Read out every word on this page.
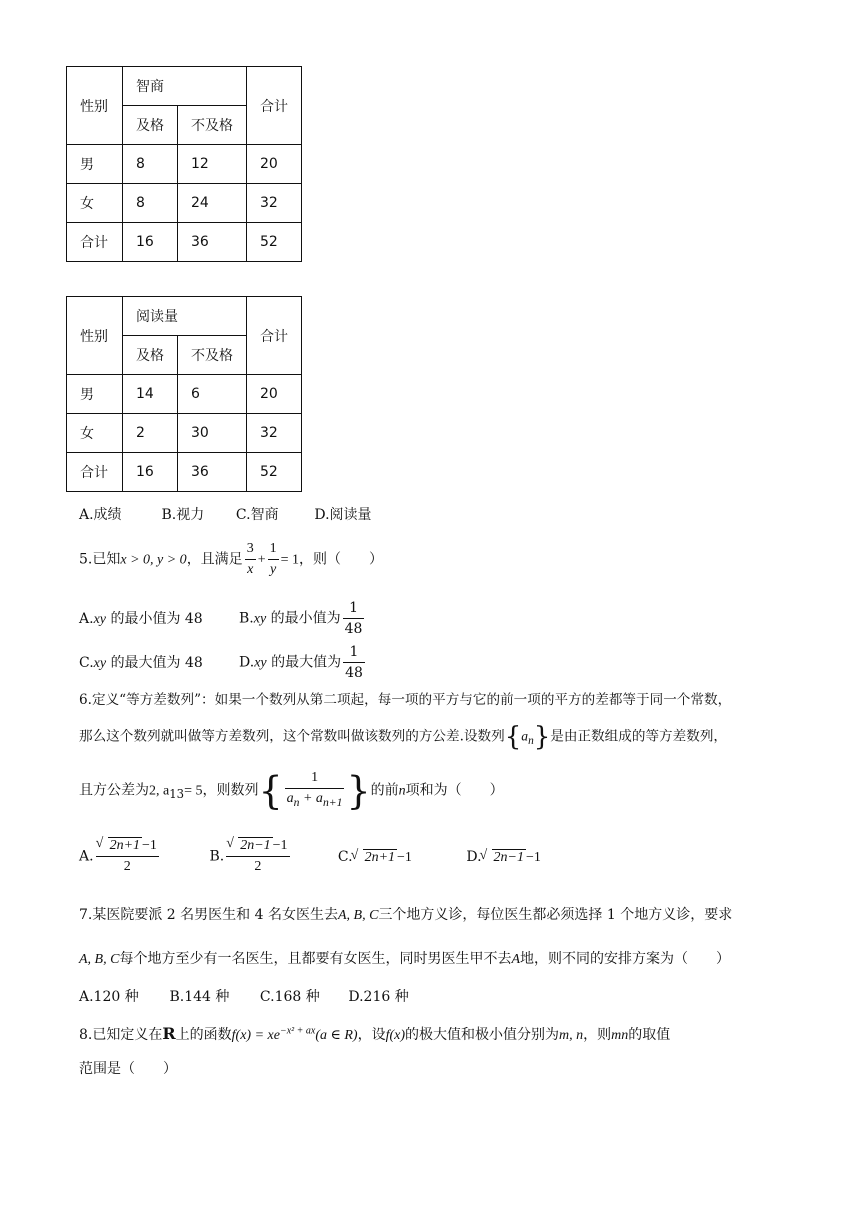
性别	智商		合计
	及格	不及格	
男	8	12	20
女	8	24	32
合计	16	36	52
性别	阅读量		合计
	及格	不及格	
男	14	6	20
女	2	30	32
合计	16	36	52
A.成绩	B.视力 C.智商	D.阅读量
5.已知x > 0, y > 0，且满足 $\frac{3}{x} + \frac{1}{y} = 1$，则（　　）
A.xy 的最小值为 48	B.xy 的最小值为 $\frac{1}{48}$
C.xy 的最大值为 48	D.xy 的最大值为 $\frac{1}{48}$
6.定义“等方差数列”：如果一个数列从第二项起，每一项的平方与它的前一项的平方的差都等于同一个常数，
那么这个数列就叫做等方差数列，这个常数叫做该数列的方公差.设数列$\{a_n\}$是由正数组成的等方差数列，
且方公差为2, $a_{13}= 5$，则数列{ $\frac{1}{a_n + a_{n+1}}$ }的前n项和为（　　）
A. √ $\frac{2n+1 -1}{2}$	B. √ $\frac{2n-1 -1}{2}$	C. √ 2n+1 −1	D. √ 2n−1 −1
7.某医院要派 2 名男医生和 4 名女医生去A, B, C三个地方义诊，每位医生都必须选择 1 个地方义诊，要求
A, B, C每个地方至少有一名医生，且都要有女医生，同时男医生甲不去A地，则不同的安排方案为（　　）
A.120 种 B.144 种 C.168 种 D.216 种
8.已知定义在R上的函数$f(x) = xe^{-x^2 + ax}(a$ ∈ R)，设f(x)的极大值和极小值分别为m, n，则mn的取值
范围是（　　）
